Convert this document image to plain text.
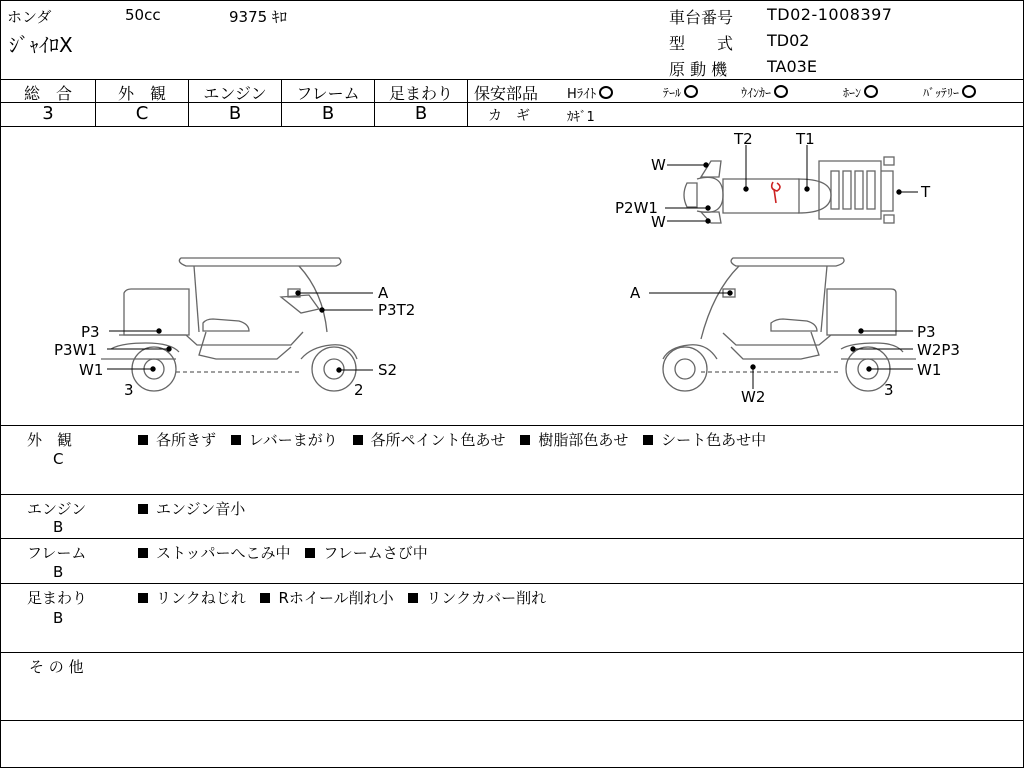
ホンダ	50cc	9375 ｷﾛ
ｼﾞｬｲﾛX
車台番号 TD02-1008397
型　　式 TD02
原 動 機 TA03E
総　合	外　観	エンジン	フレーム	足まわり
3	C	B	B	B
保安部品 Hﾗｲﾄ	ﾃｰﾙ	ｳｲﾝｶｰ	ﾎｰﾝ	ﾊﾞｯﾃﾘｰ
カ　ギ	ｶｷﾞ1
P3
P3W1
W1
3
A
P3T2
S2
2
A
P3
W2P3
W1
W2	3
T2	T1
W
T
P2W1
W
外　観
C
各所きず レバーまがり 各所ペイント色あせ 樹脂部色あせ シート色あせ中
エンジン
B
エンジン音小
フレーム
B
ストッパーへこみ中 フレームさび中
足まわり
B
リンクねじれ Rホイール削れ小 リンクカバー削れ
そ の 他
